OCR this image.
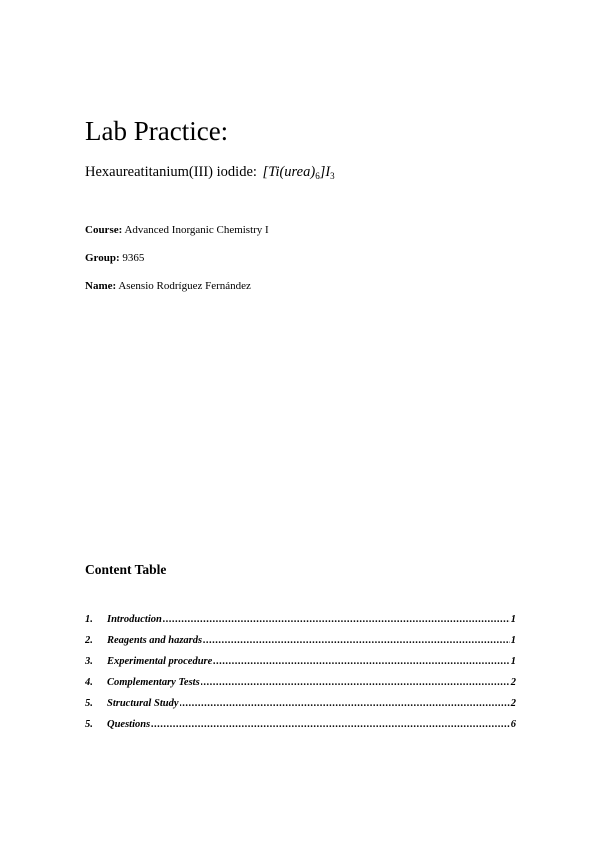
Lab Practice:
Hexaureatitanium(III) iodide: $[Ti(urea)_6]I_3$
Course: Advanced Inorganic Chemistry I
Group: 9365
Name: Asensio Rodríguez Fernández
Content Table
1.	Introduction .....	1
2.	Reagents and hazards .....	1
3.	Experimental procedure .....	1
4.	Complementary Tests .....	2
5.	Structural Study .....	2
5.	Questions .....	6
